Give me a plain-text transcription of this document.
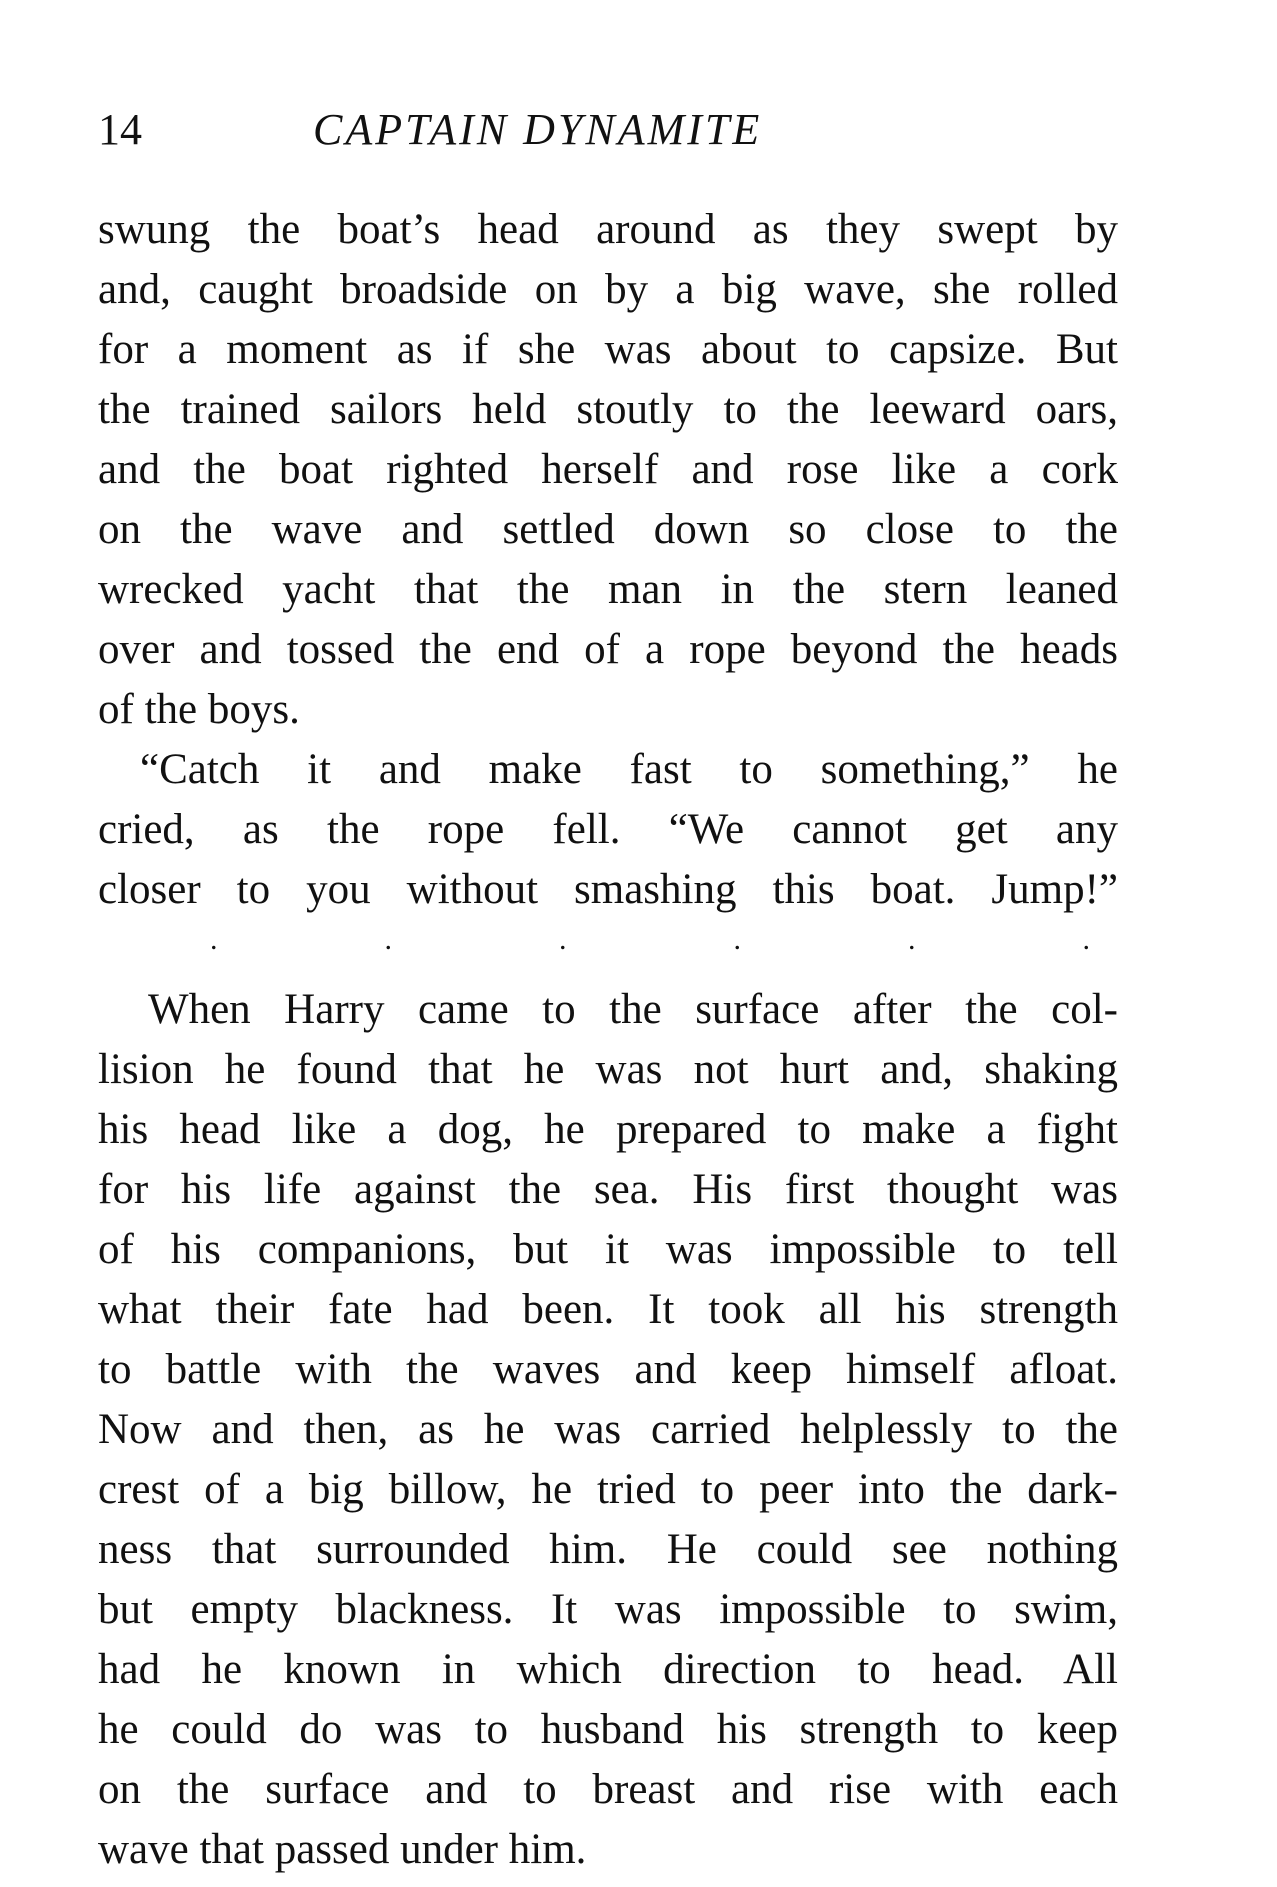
14	CAPTAIN DYNAMITE
swung the boat’s head around as they swept by
and, caught broadside on by a big wave, she rolled
for a moment as if she was about to capsize. But
the trained sailors held stoutly to the leeward oars,
and the boat righted herself and rose like a cork
on the wave and settled down so close to the
wrecked yacht that the man in the stern leaned
over and tossed the end of a rope beyond the heads
of the boys.
“Catch it and make fast to something,” he
cried, as the rope fell. “We cannot get any
closer to you without smashing this boat. Jump!”
.	.	.	.	.	.
When Harry came to the surface after the col-
lision he found that he was not hurt and, shaking
his head like a dog, he prepared to make a fight
for his life against the sea. His first thought was
of his companions, but it was impossible to tell
what their fate had been. It took all his strength
to battle with the waves and keep himself afloat.
Now and then, as he was carried helplessly to the
crest of a big billow, he tried to peer into the dark-
ness that surrounded him. He could see nothing
but empty blackness. It was impossible to swim,
had he known in which direction to head. All
he could do was to husband his strength to keep
on the surface and to breast and rise with each
wave that passed under him.
